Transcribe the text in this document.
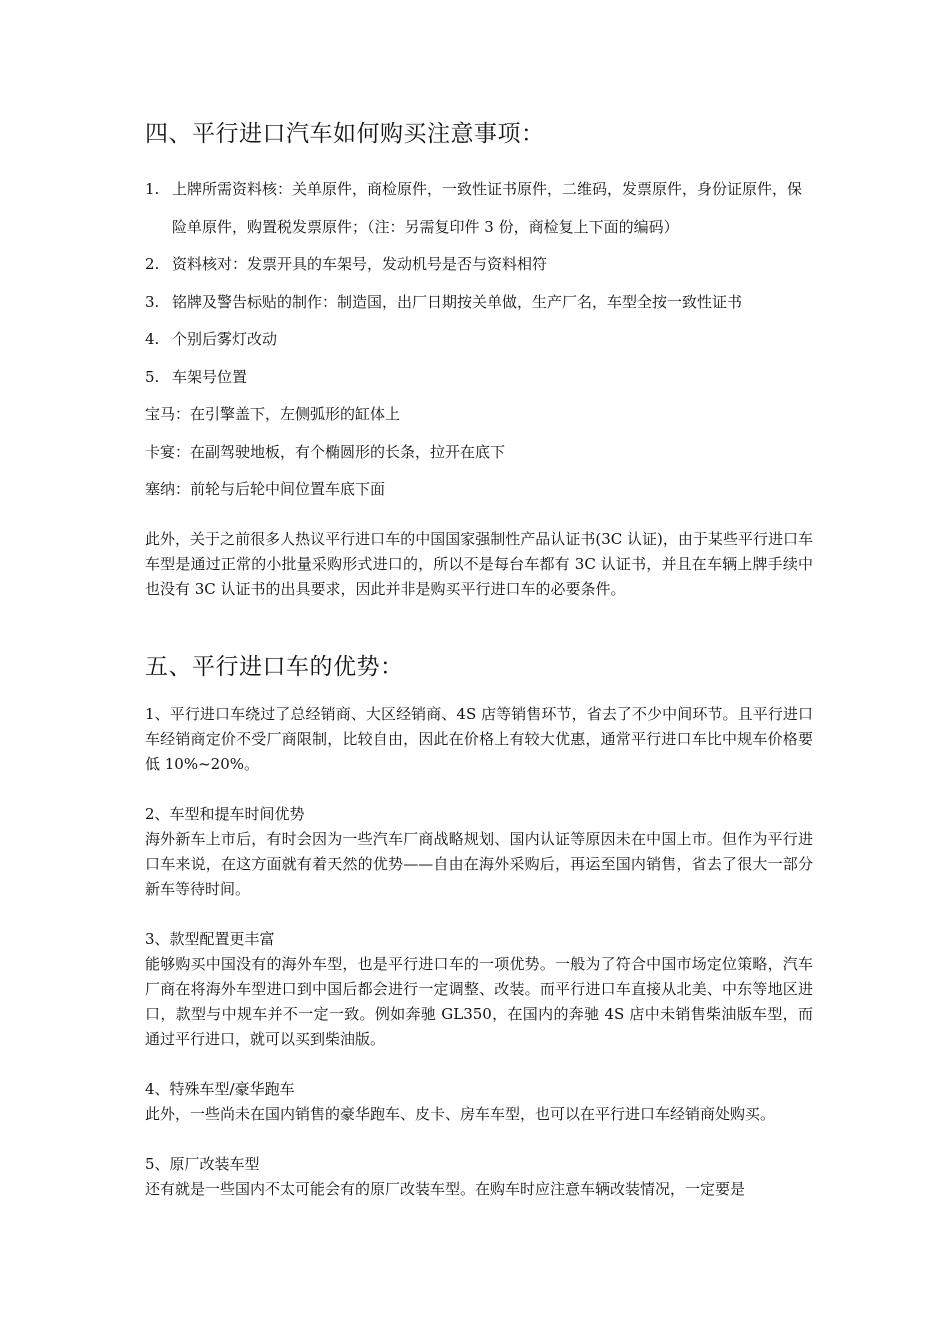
四、平行进口汽车如何购买注意事项：
1. 上牌所需资料核：关单原件，商检原件，一致性证书原件，二维码，发票原件，身份证原件，保险单原件，购置税发票原件；（注：另需复印件 3 份，商检复上下面的编码）
2. 资料核对：发票开具的车架号，发动机号是否与资料相符
3. 铭牌及警告标贴的制作：制造国，出厂日期按关单做，生产厂名，车型全按一致性证书
4. 个别后雾灯改动
5. 车架号位置
宝马：在引擎盖下，左侧弧形的缸体上
卡宴：在副驾驶地板，有个椭圆形的长条，拉开在底下
塞纳：前轮与后轮中间位置车底下面

此外，关于之前很多人热议平行进口车的中国国家强制性产品认证书(3C 认证)，由于某些平行进口车车型是通过正常的小批量采购形式进口的，所以不是每台车都有 3C 认证书，并且在车辆上牌手续中也没有 3C 认证书的出具要求，因此并非是购买平行进口车的必要条件。

五、平行进口车的优势：

1、平行进口车绕过了总经销商、大区经销商、4S 店等销售环节，省去了不少中间环节。且平行进口车经销商定价不受厂商限制，比较自由，因此在价格上有较大优惠，通常平行进口车比中规车价格要低 10%~20%。

2、车型和提车时间优势

海外新车上市后，有时会因为一些汽车厂商战略规划、国内认证等原因未在中国上市。但作为平行进口车来说，在这方面就有着天然的优势——自由在海外采购后，再运至国内销售，省去了很大一部分新车等待时间。

3、款型配置更丰富

能够购买中国没有的海外车型，也是平行进口车的一项优势。一般为了符合中国市场定位策略，汽车厂商在将海外车型进口到中国后都会进行一定调整、改装。而平行进口车直接从北美、中东等地区进口，款型与中规车并不一定一致。例如奔驰 GL350，在国内的奔驰 4S 店中未销售柴油版车型，而通过平行进口，就可以买到柴油版。

4、特殊车型/豪华跑车

此外，一些尚未在国内销售的豪华跑车、皮卡、房车车型，也可以在平行进口车经销商处购买。

5、原厂改装车型

还有就是一些国内不太可能会有的原厂改装车型。在购车时应注意车辆改装情况，一定要是
